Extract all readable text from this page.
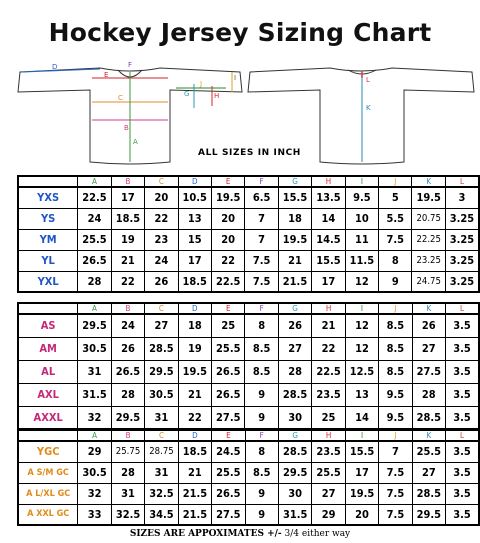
Hockey Jersey Sizing Chart
D
E
F
C
B
A
G	H
I
J
K
L
ALL SIZES IN INCH
	A	B	C	D	E	F	G	H	I	J	K	L
YXS	22.5	17	20	10.5	19.5	6.5	15.5	13.5	9.5	5	19.5	3
YS	24	18.5	22	13	20	7	18	14	10	5.5	20.75	3.25
YM	25.5	19	23	15	20	7	19.5	14.5	11	7.5	22.25	3.25
YL	26.5	21	24	17	22	7.5	21	15.5	11.5	8	23.25	3.25
YXL	28	22	26	18.5	22.5	7.5	21.5	17	12	9	24.75	3.25
	A	B	C	D	E	F	G	H	I	J	K	L
AS	29.5	24	27	18	25	8	26	21	12	8.5	26	3.5
AM	30.5	26	28.5	19	25.5	8.5	27	22	12	8.5	27	3.5
AL	31	26.5	29.5	19.5	26.5	8.5	28	22.5	12.5	8.5	27.5	3.5
AXL	31.5	28	30.5	21	26.5	9	28.5	23.5	13	9.5	28	3.5
AXXL	32	29.5	31	22	27.5	9	30	25	14	9.5	28.5	3.5
	A	B	C	D	E	F	G	H	I	J	K	L
YGC	29	25.75	28.75	18.5	24.5	8	28.5	23.5	15.5	7	25.5	3.5
A S/M GC	30.5	28	31	21	25.5	8.5	29.5	25.5	17	7.5	27	3.5
A L/XL GC	32	31	32.5	21.5	26.5	9	30	27	19.5	7.5	28.5	3.5
A XXL GC	33	32.5	34.5	21.5	27.5	9	31.5	29	20	7.5	29.5	3.5
SIZES ARE APPOXIMATES +/- 3/4 either way
